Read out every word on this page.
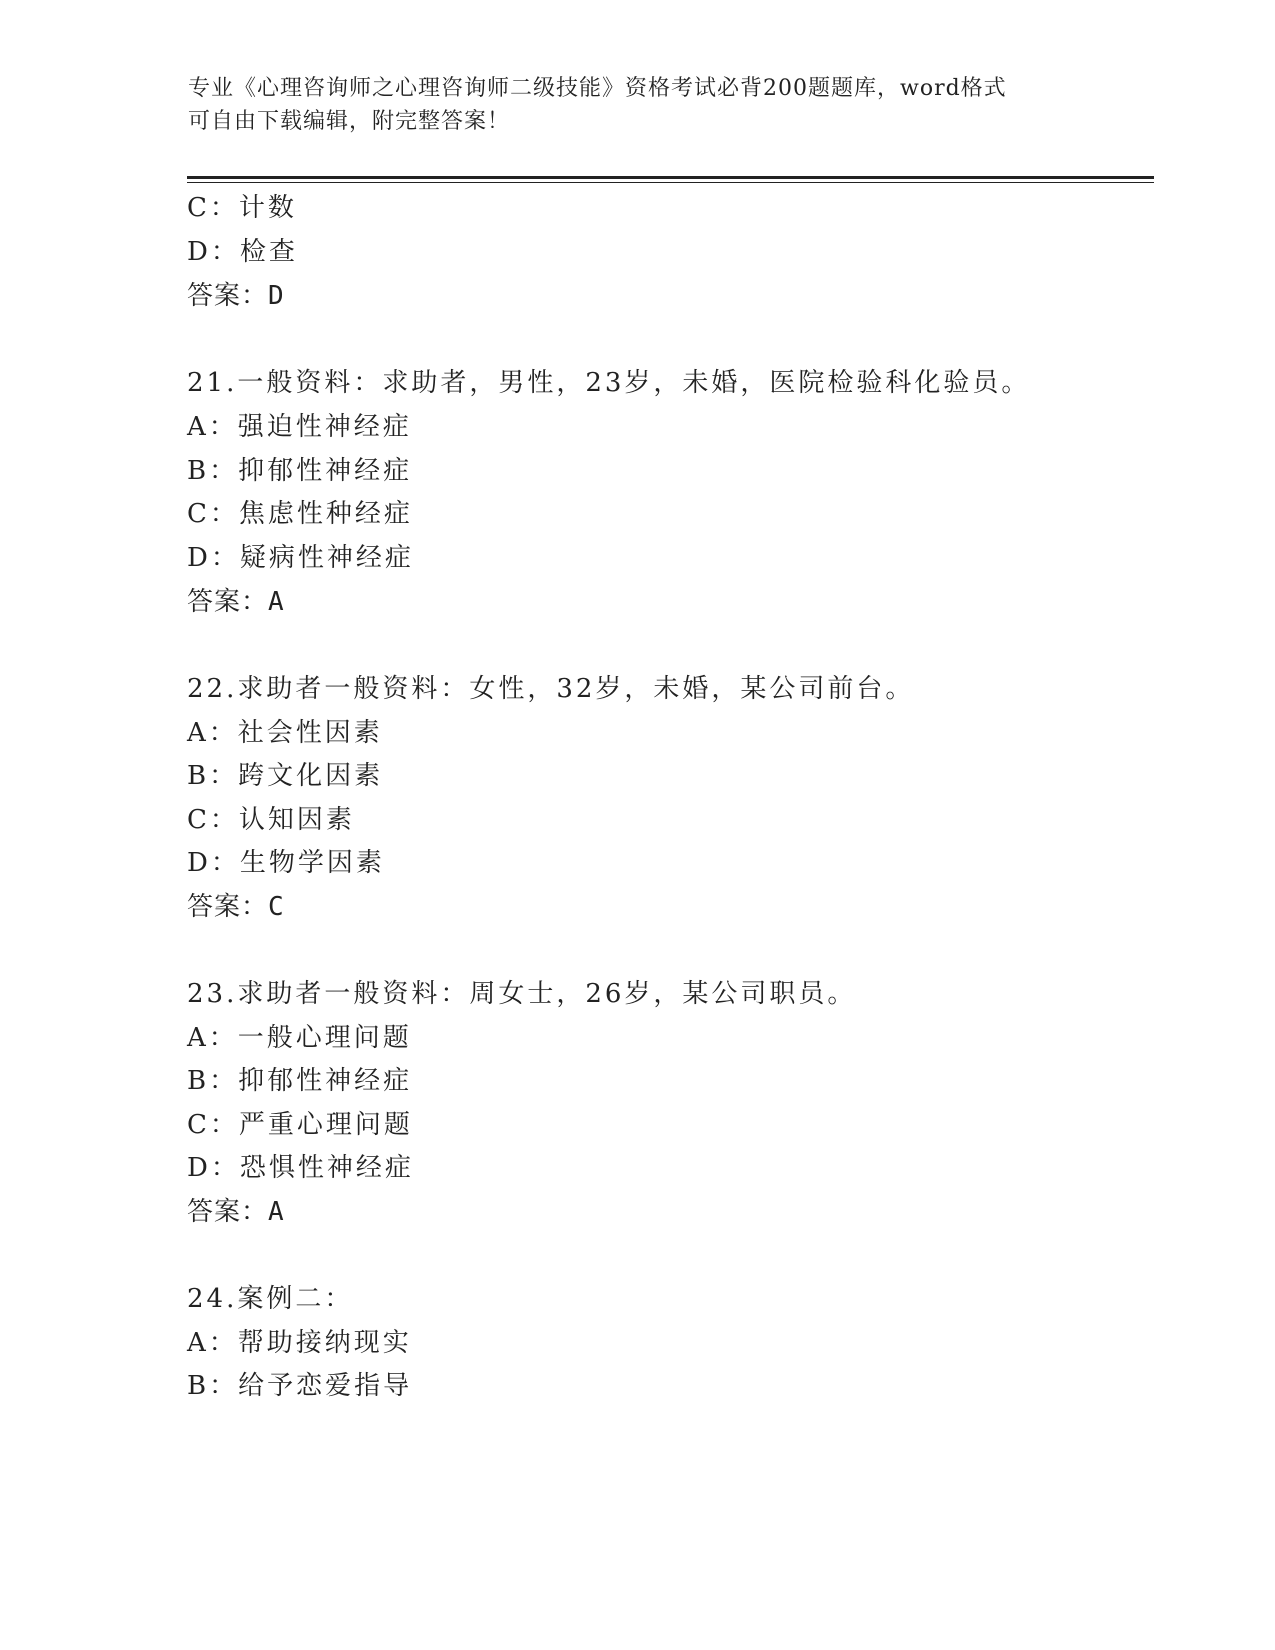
专业《心理咨询师之心理咨询师二级技能》资格考试必背200题题库，word格式
可自由下载编辑，附完整答案！
C：计数
D：检查
答案：D
21.一般资料：求助者，男性，23岁，未婚，医院检验科化验员。
A：强迫性神经症
B：抑郁性神经症
C：焦虑性种经症
D：疑病性神经症
答案：A
22.求助者一般资料：女性，32岁，未婚，某公司前台。
A：社会性因素
B：跨文化因素
C：认知因素
D：生物学因素
答案：C
23.求助者一般资料：周女士，26岁，某公司职员。
A：一般心理问题
B：抑郁性神经症
C：严重心理问题
D：恐惧性神经症
答案：A
24.案例二：
A：帮助接纳现实
B：给予恋爱指导
